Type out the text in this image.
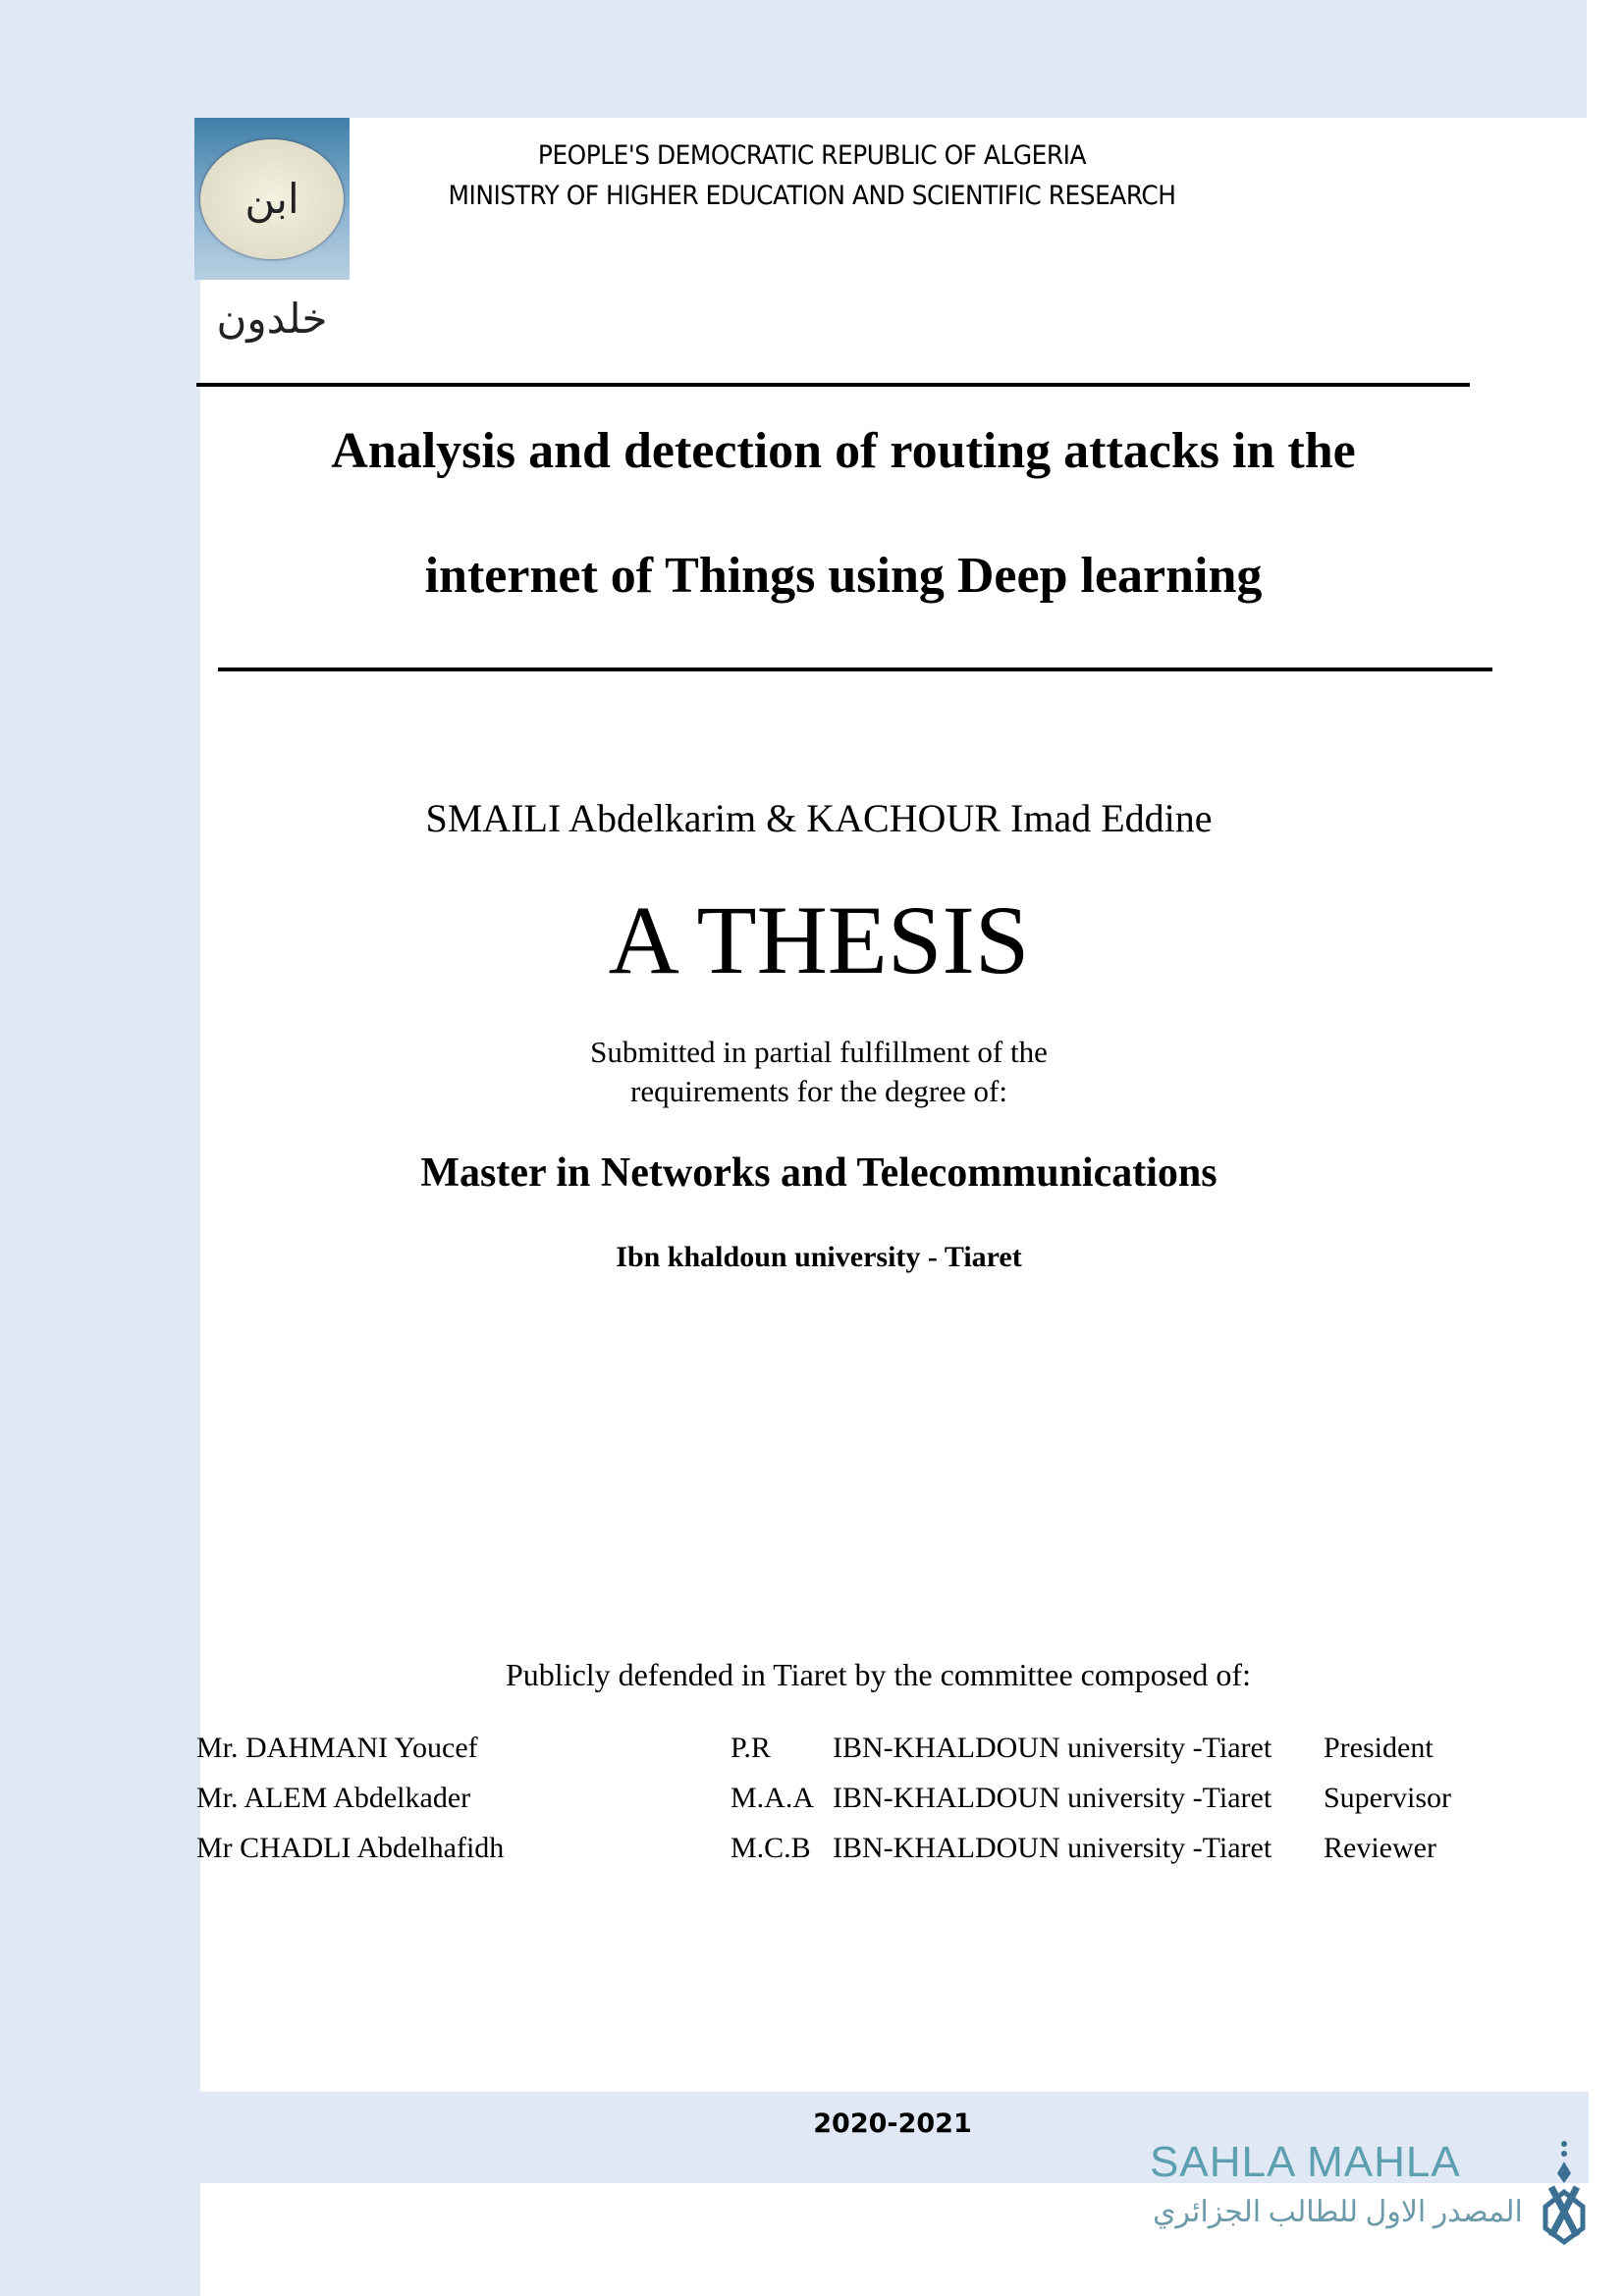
ابن خلدون
PEOPLE'S DEMOCRATIC REPUBLIC OF ALGERIA
MINISTRY OF HIGHER EDUCATION AND SCIENTIFIC RESEARCH
Analysis and detection of routing attacks in the
internet of Things using Deep learning
SMAILI Abdelkarim & KACHOUR Imad Eddine
A THESIS
Submitted in partial fulfillment of the
requirements for the degree of:
Master in Networks and Telecommunications
Ibn khaldoun university - Tiaret
Publicly defended in Tiaret by the committee composed of:
Mr. DAHMANI Youcef	P.R IBN-KHALDOUN university -Tiaret President
Mr. ALEM Abdelkader	M.A.A IBN-KHALDOUN university -Tiaret Supervisor
Mr CHADLI Abdelhafidh	M.C.B IBN-KHALDOUN university -Tiaret Reviewer
2020-2021
SAHLA MAHLA
المصدر الاول للطالب الجزائري
